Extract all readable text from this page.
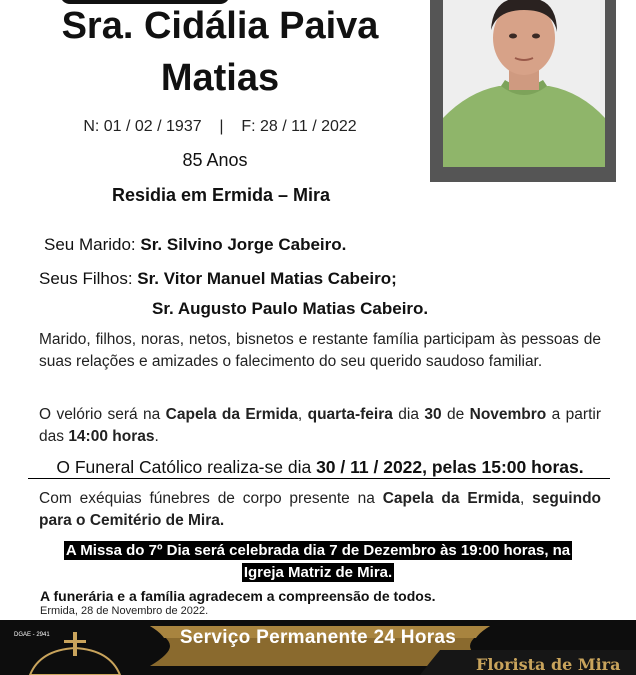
Sra. Cidália Paiva
Matias
N: 01 / 02 / 1937 | F: 28 / 11 / 2022
85 Anos
Residia em Ermida – Mira
Seu Marido: Sr. Silvino Jorge Cabeiro.
Seus Filhos: Sr. Vitor Manuel Matias Cabeiro;
Sr. Augusto Paulo Matias Cabeiro.
Marido, filhos, noras, netos, bisnetos e restante família participam às pessoas de suas relações e amizades o falecimento do seu querido saudoso familiar.
O velório será na Capela da Ermida, quarta-feira dia 30 de Novembro a partir das 14:00 horas.
O Funeral Católico realiza-se dia 30 / 11 / 2022, pelas 15:00 horas.
Com exéquias fúnebres de corpo presente na Capela da Ermida, seguindo para o Cemitério de Mira.
A Missa do 7º Dia será celebrada dia 7 de Dezembro às 19:00 horas, na
Igreja Matriz de Mira.
A funerária e a família agradecem a compreensão de todos.
Ermida, 28 de Novembro de 2022.
DGAE - 2941	Serviço Permanente 24 Horas
Florista de Mira
